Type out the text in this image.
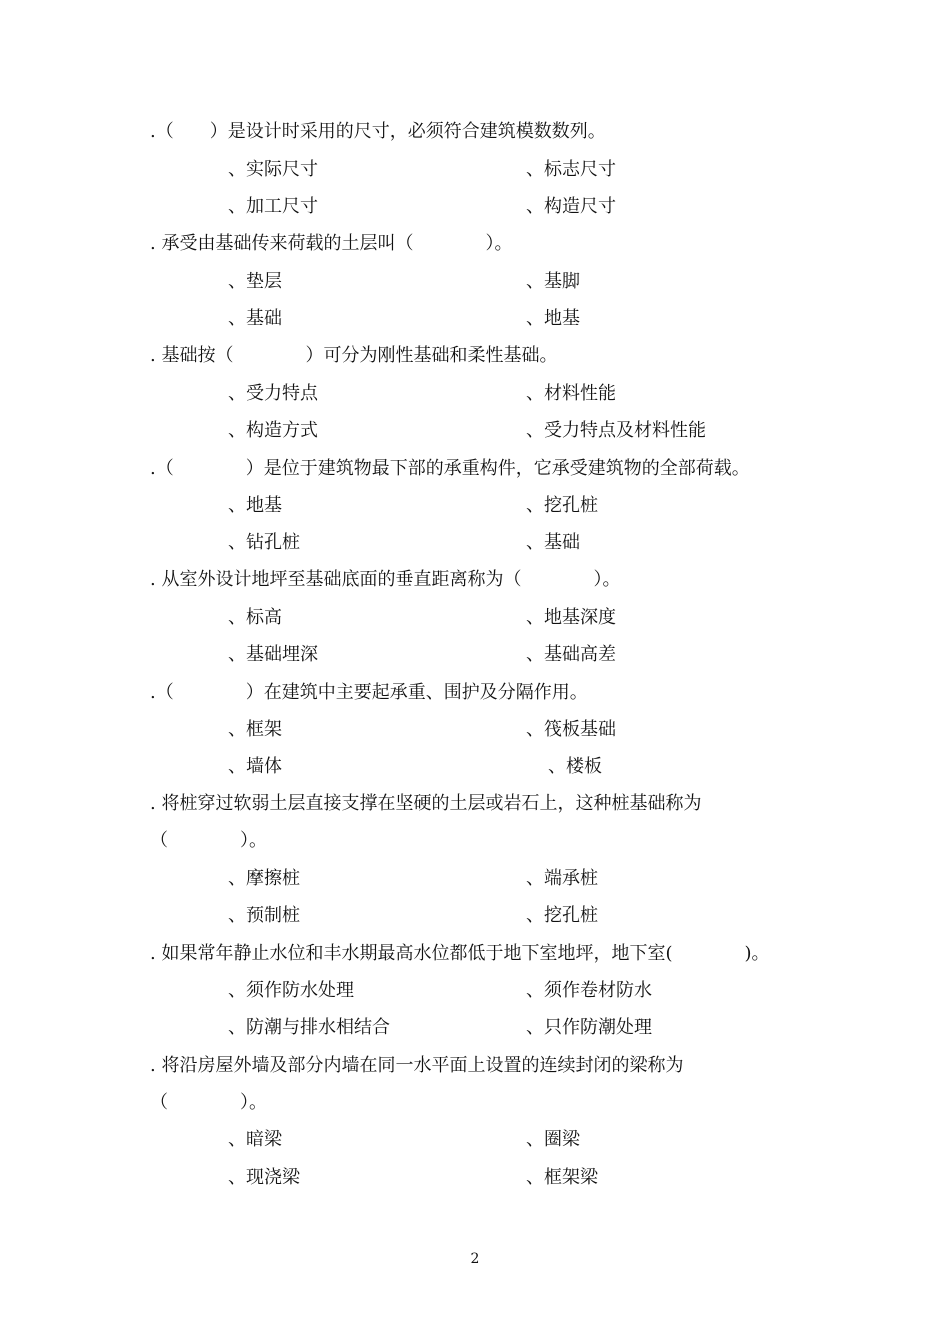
.（　　）是设计时采用的尺寸，必须符合建筑模数数列。
、实际尺寸	、标志尺寸
、加工尺寸	、构造尺寸
. 承受由基础传来荷载的土层叫（　　　　）。
、垫层	、基脚
、基础	、地基
. 基础按（　　　　）可分为刚性基础和柔性基础。
、受力特点	、材料性能
、构造方式	、受力特点及材料性能
.（　　　　）是位于建筑物最下部的承重构件，它承受建筑物的全部荷载。
、地基	、挖孔桩
、钻孔桩	、基础
. 从室外设计地坪至基础底面的垂直距离称为（　　　　）。
、标高	、地基深度
、基础埋深	、基础高差
.（　　　　）在建筑中主要起承重、围护及分隔作用。
、框架	、筏板基础
、墙体	、楼板
. 将桩穿过软弱土层直接支撑在坚硬的土层或岩石上，这种桩基础称为
（　　　　）。
、摩擦桩	、端承桩
、预制桩	、挖孔桩
. 如果常年静止水位和丰水期最高水位都低于地下室地坪，地下室(　　　　)。
、须作防水处理	、须作卷材防水
、防潮与排水相结合	、只作防潮处理
. 将沿房屋外墙及部分内墙在同一水平面上设置的连续封闭的梁称为
（　　　　）。
、暗梁	、圈梁
、现浇梁	、框架梁
2
